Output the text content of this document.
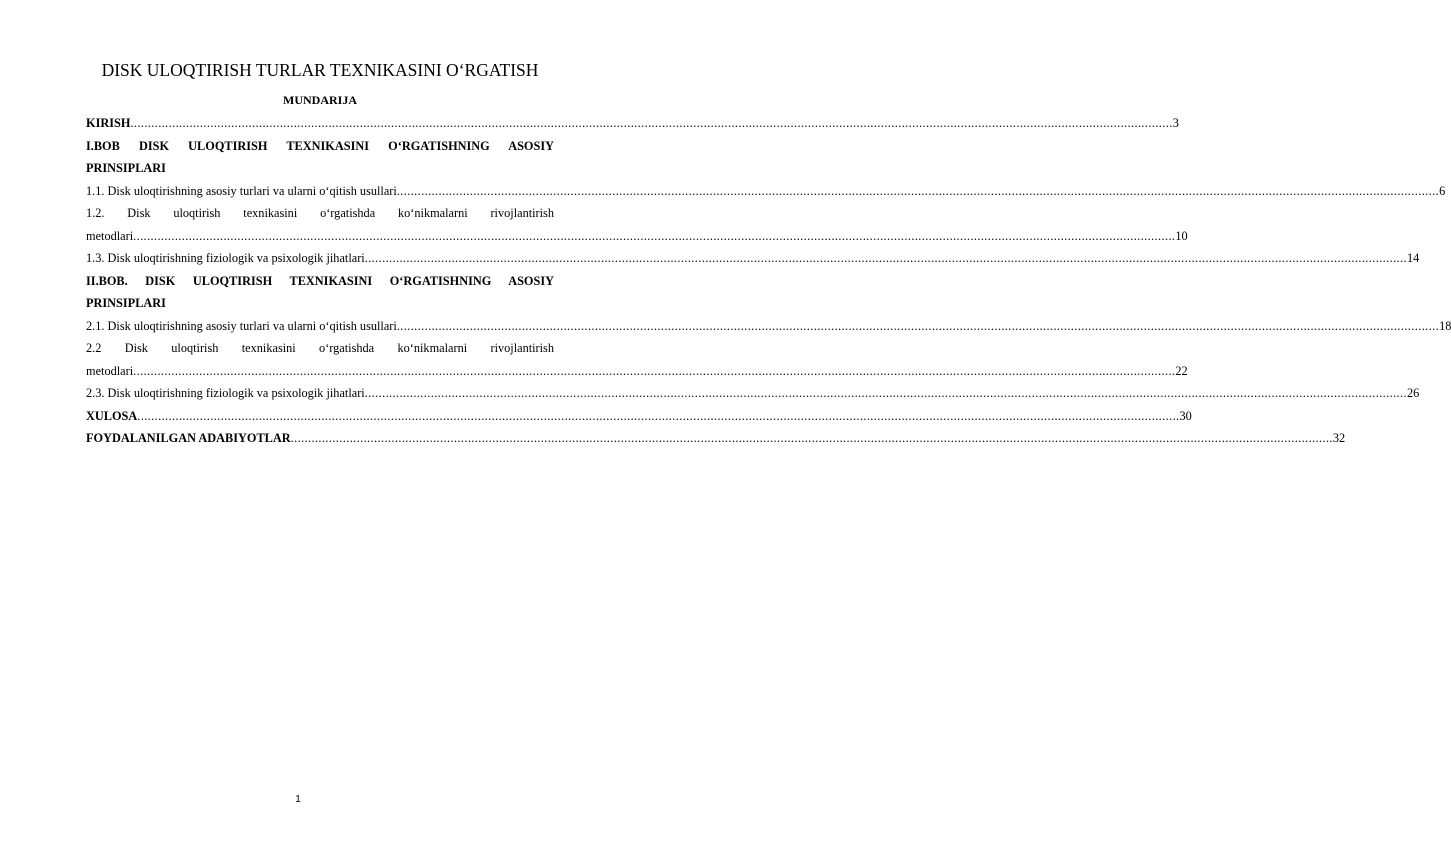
DISK ULOQTIRISH TURLAR TEXNIKASINI O‘RGATISH
MUNDARIJA
KIRISH ............................................................................................................................................................................................................................................................................................................ 3
I.BOB DISK ULOQTIRISH TEXNIKASINI O‘RGATISHNING ASOSIY
PRINSIPLARI
1.1. Disk uloqtirishning asosiy turlari va ularni o‘qitish usullari ............................................................................................................................................................................................................................................................................................................ 6
1.2. Disk uloqtirish texnikasini o‘rgatishda ko‘nikmalarni rivojlantirish
metodlari ............................................................................................................................................................................................................................................................................................................ 10
1.3. Disk uloqtirishning fiziologik va psixologik jihatlari ............................................................................................................................................................................................................................................................................................................ 14
II.BOB. DISK ULOQTIRISH TEXNIKASINI O‘RGATISHNING ASOSIY
PRINSIPLARI
2.1. Disk uloqtirishning asosiy turlari va ularni o‘qitish usullari ............................................................................................................................................................................................................................................................................................................ 18
2.2 Disk uloqtirish texnikasini o‘rgatishda ko‘nikmalarni rivojlantirish
metodlari ............................................................................................................................................................................................................................................................................................................ 22
2.3. Disk uloqtirishning fiziologik va psixologik jihatlari ............................................................................................................................................................................................................................................................................................................ 26
XULOSA ............................................................................................................................................................................................................................................................................................................ 30
FOYDALANILGAN ADABIYOTLAR ............................................................................................................................................................................................................................................................................................................ 32
1
